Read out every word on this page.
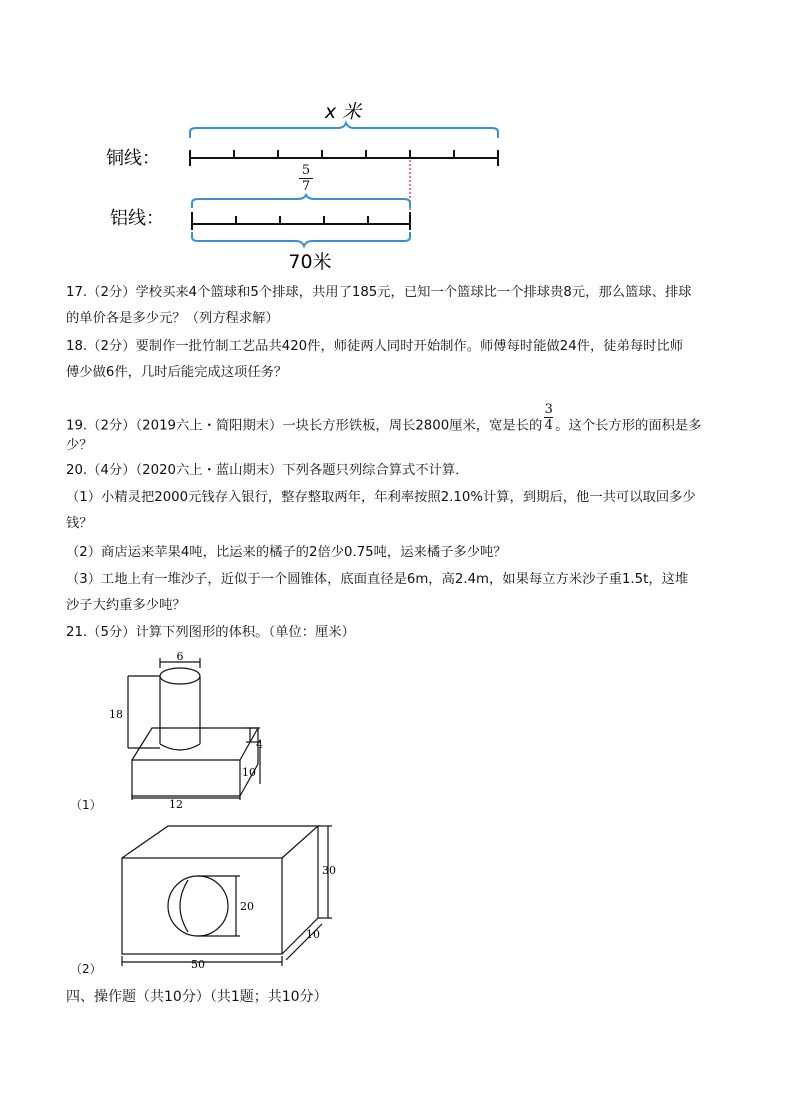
x 米
铜线：
铝线：
70米
5
7
17.（2分）学校买来4个篮球和5个排球，共用了185元，已知一个篮球比一个排球贵8元，那么篮球、排球
的单价各是多少元？（列方程求解）
18.（2分）要制作一批竹制工艺品共420件，师徒两人同时开始制作。师傅每时能做24件，徒弟每时比师
傅少做6件，几时后能完成这项任务？
19.（2分）（2019六上・简阳期末）一块长方形铁板，周长2800厘米，宽是长的 $\frac{3}{4}$ 。这个长方形的面积是多
少？
20.（4分）（2020六上・蓝山期末）下列各题只列综合算式不计算．
（1）小精灵把2000元钱存入银行，整存整取两年，年利率按照2.10%计算，到期后，他一共可以取回多少
钱？
（2）商店运来苹果4吨，比运来的橘子的2倍少0.75吨，运来橘子多少吨？
（3）工地上有一堆沙子，近似于一个圆锥体，底面直径是6m，高2.4m，如果每立方米沙子重1.5t，这堆
沙子大约重多少吨？
21.（5分）计算下列图形的体积。（单位：厘米）
6
18
4
10
12
（1）
30
20
10
50
（2）
四、操作题（共10分）（共1题；共10分）
